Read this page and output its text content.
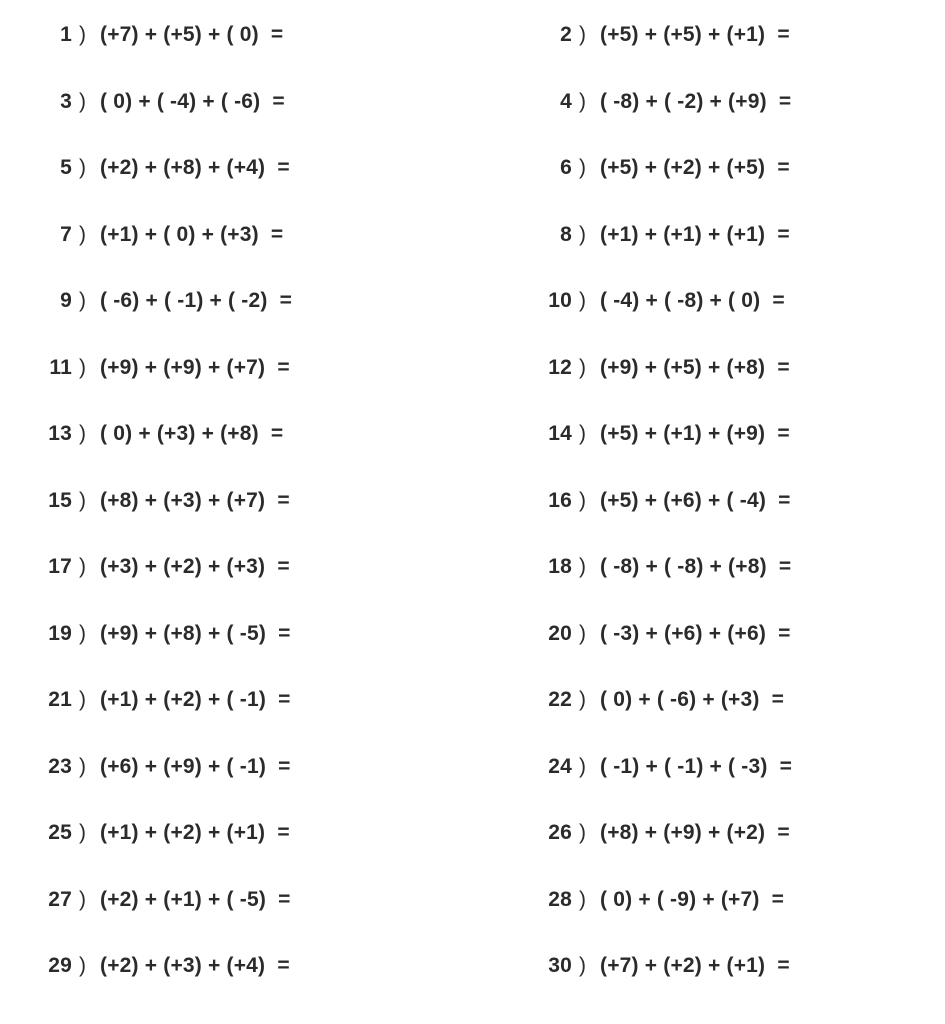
1 ) (+7) + (+5) + ( 0)  =	2 ) (+5) + (+5) + (+1)  =
3 ) ( 0) + ( -4) + ( -6)  =	4 ) ( -8) + ( -2) + (+9)  =
5 ) (+2) + (+8) + (+4)  =	6 ) (+5) + (+2) + (+5)  =
7 ) (+1) + ( 0) + (+3)  =	8 ) (+1) + (+1) + (+1)  =
9 ) ( -6) + ( -1) + ( -2)  =	10 ) ( -4) + ( -8) + ( 0)  =
11 ) (+9) + (+9) + (+7)  =	12 ) (+9) + (+5) + (+8)  =
13 ) ( 0) + (+3) + (+8)  =	14 ) (+5) + (+1) + (+9)  =
15 ) (+8) + (+3) + (+7)  =	16 ) (+5) + (+6) + ( -4)  =
17 ) (+3) + (+2) + (+3)  =	18 ) ( -8) + ( -8) + (+8)  =
19 ) (+9) + (+8) + ( -5)  =	20 ) ( -3) + (+6) + (+6)  =
21 ) (+1) + (+2) + ( -1)  =	22 ) ( 0) + ( -6) + (+3)  =
23 ) (+6) + (+9) + ( -1)  =	24 ) ( -1) + ( -1) + ( -3)  =
25 ) (+1) + (+2) + (+1)  =	26 ) (+8) + (+9) + (+2)  =
27 ) (+2) + (+1) + ( -5)  =	28 ) ( 0) + ( -9) + (+7)  =
29 ) (+2) + (+3) + (+4)  =	30 ) (+7) + (+2) + (+1)  =
